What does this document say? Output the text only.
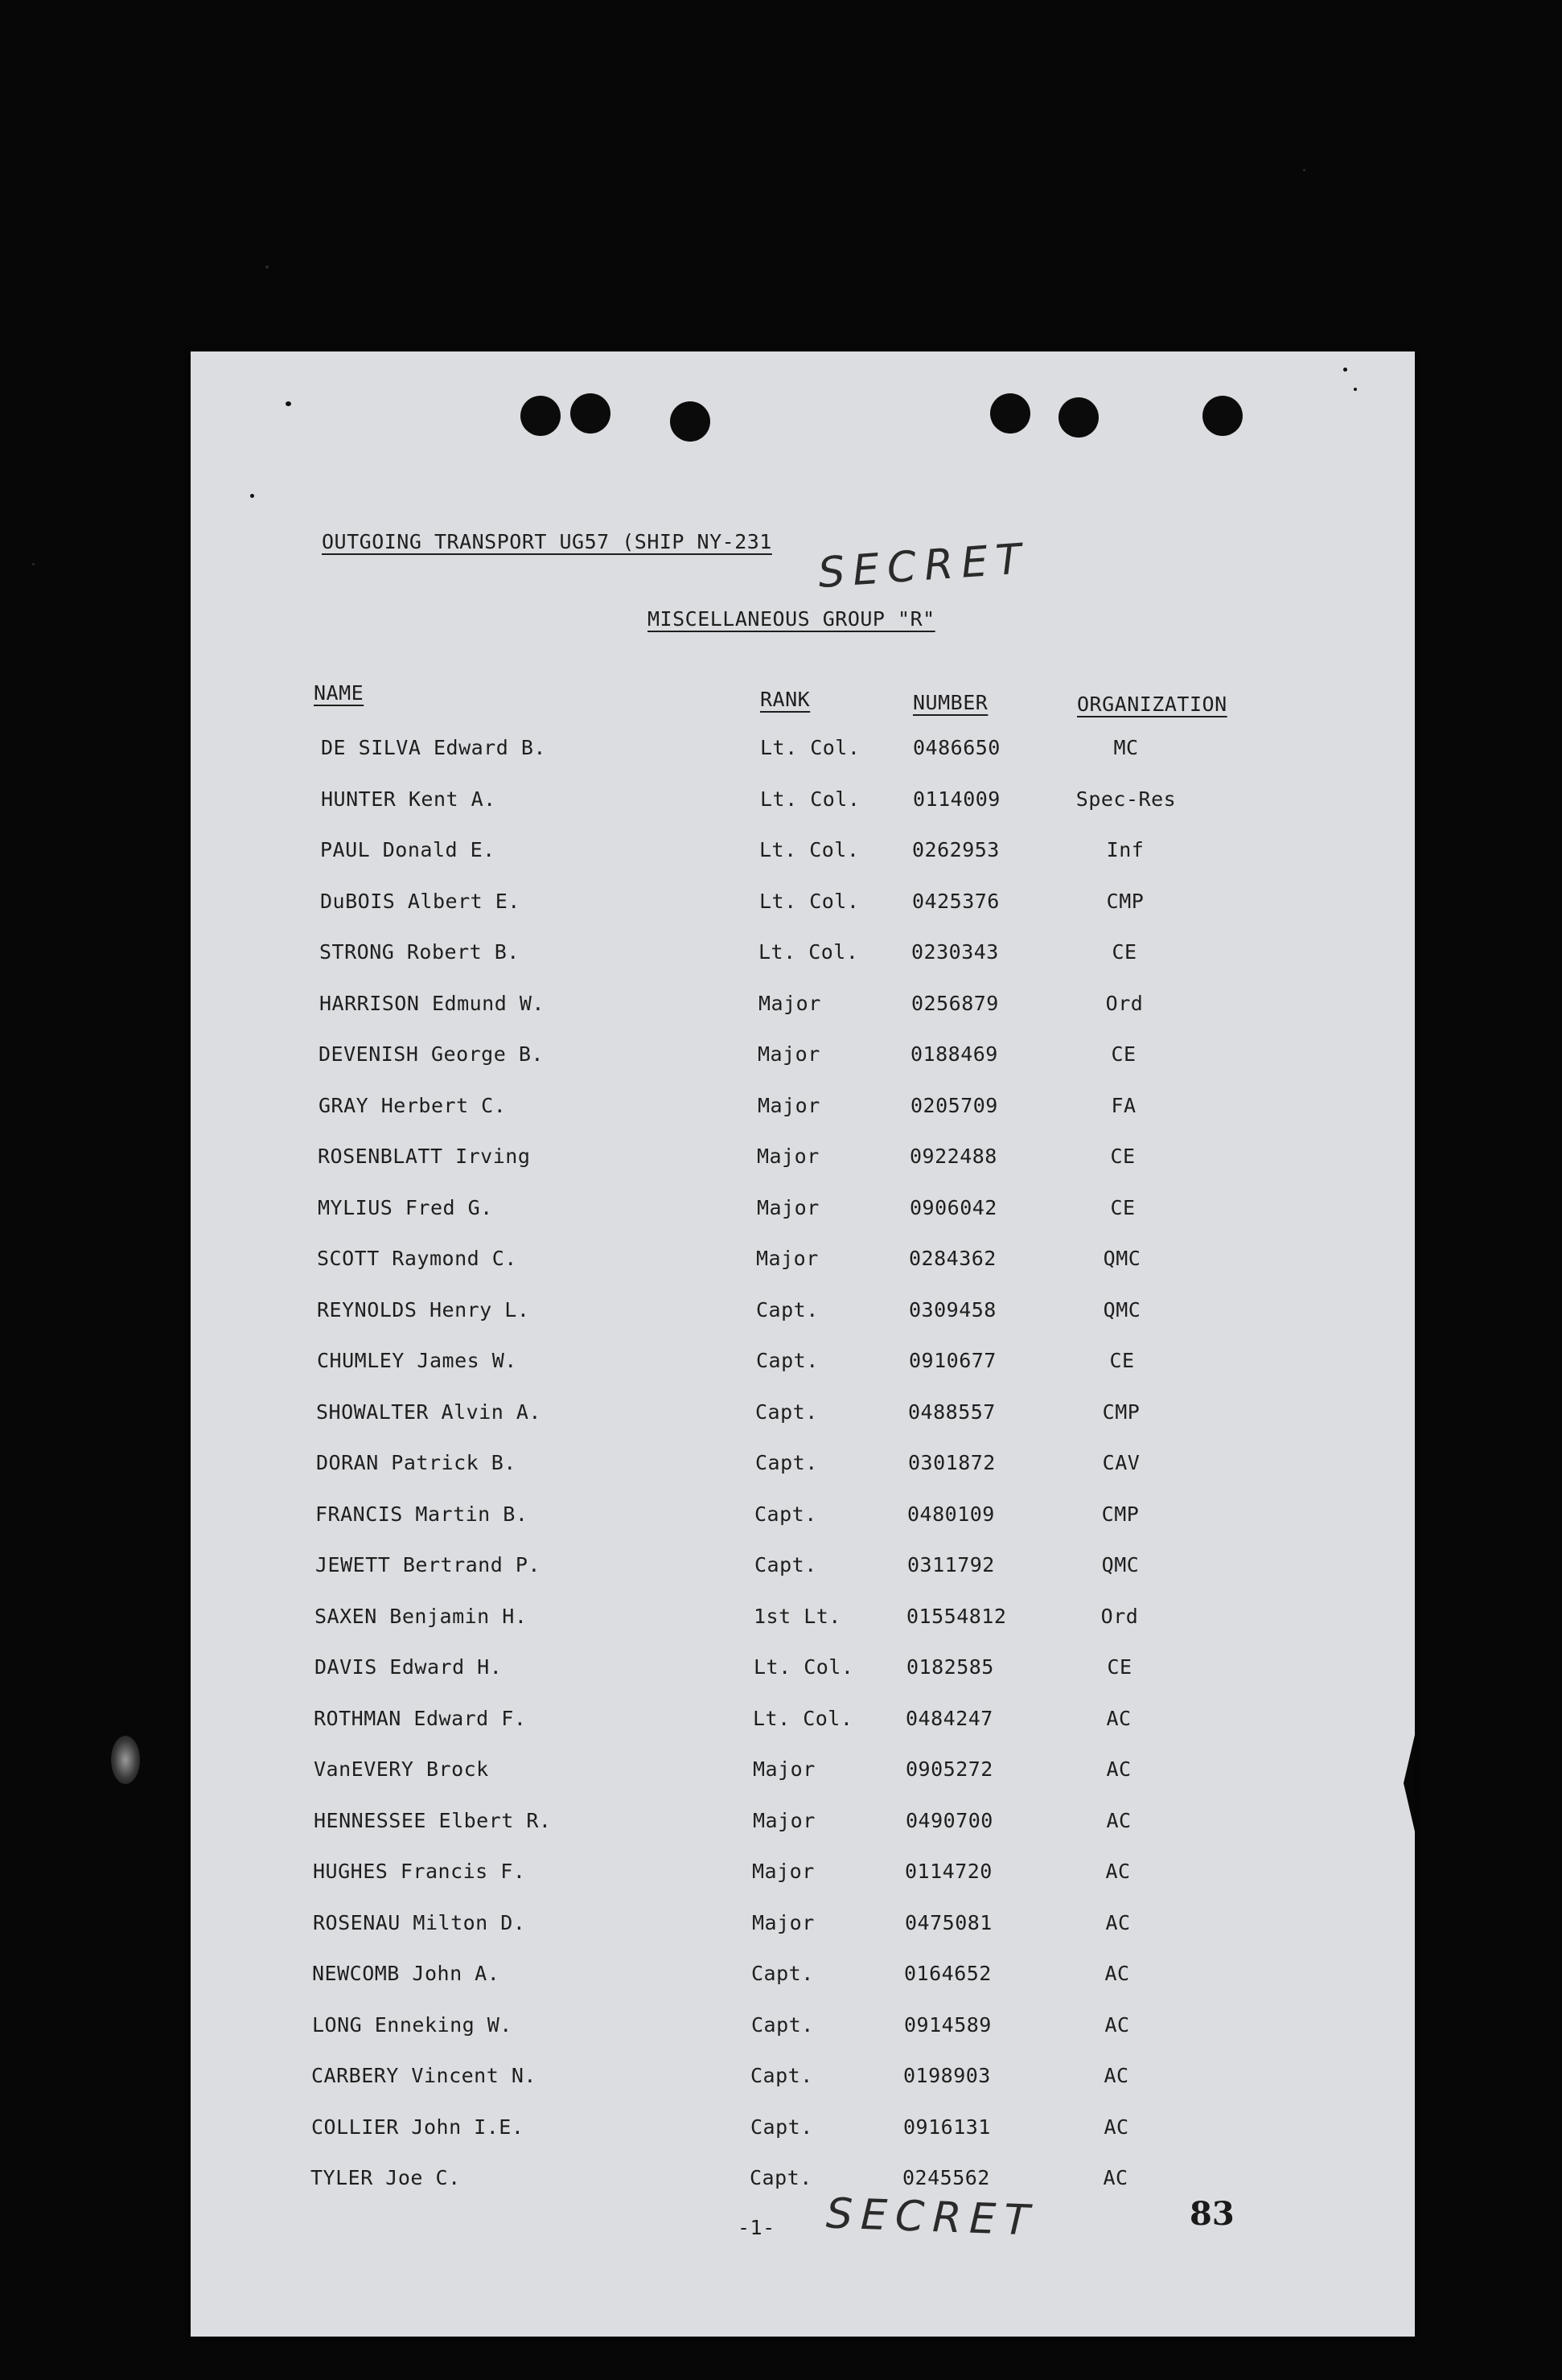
OUTGOING TRANSPORT UG57 (SHIP NY-231 SECRET
MISCELLANEOUS GROUP "R"
NAME	RANK	NUMBER	ORGANIZATION
DE SILVA Edward B.	Lt. Col.	0486650	MC
HUNTER Kent A.	Lt. Col.	0114009	Spec-Res
PAUL Donald E.	Lt. Col.	0262953	Inf
DuBOIS Albert E.	Lt. Col.	0425376	CMP
STRONG Robert B.	Lt. Col.	0230343	CE
HARRISON Edmund W.	Major	0256879	Ord
DEVENISH George B.	Major	0188469	CE
GRAY Herbert C.	Major	0205709	FA
ROSENBLATT Irving	Major	0922488	CE
MYLIUS Fred G.	Major	0906042	CE
SCOTT Raymond C.	Major	0284362	QMC
REYNOLDS Henry L.	Capt.	0309458	QMC
CHUMLEY James W.	Capt.	0910677	CE
SHOWALTER Alvin A.	Capt.	0488557	CMP
DORAN Patrick B.	Capt.	0301872	CAV
FRANCIS Martin B.	Capt.	0480109	CMP
JEWETT Bertrand P.	Capt.	0311792	QMC
SAXEN Benjamin H.	1st Lt.	01554812	Ord
DAVIS Edward H.	Lt. Col.	0182585	CE
ROTHMAN Edward F.	Lt. Col.	0484247	AC
VanEVERY Brock	Major	0905272	AC
HENNESSEE Elbert R.	Major	0490700	AC
HUGHES Francis F.	Major	0114720	AC
ROSENAU Milton D.	Major	0475081	AC
NEWCOMB John A.	Capt.	0164652	AC
LONG Enneking W.	Capt.	0914589	AC
CARBERY Vincent N.	Capt.	0198903	AC
COLLIER John I.E.	Capt.	0916131	AC
TYLER Joe C.	Capt.	0245562	AC
-1- SECRET	83
